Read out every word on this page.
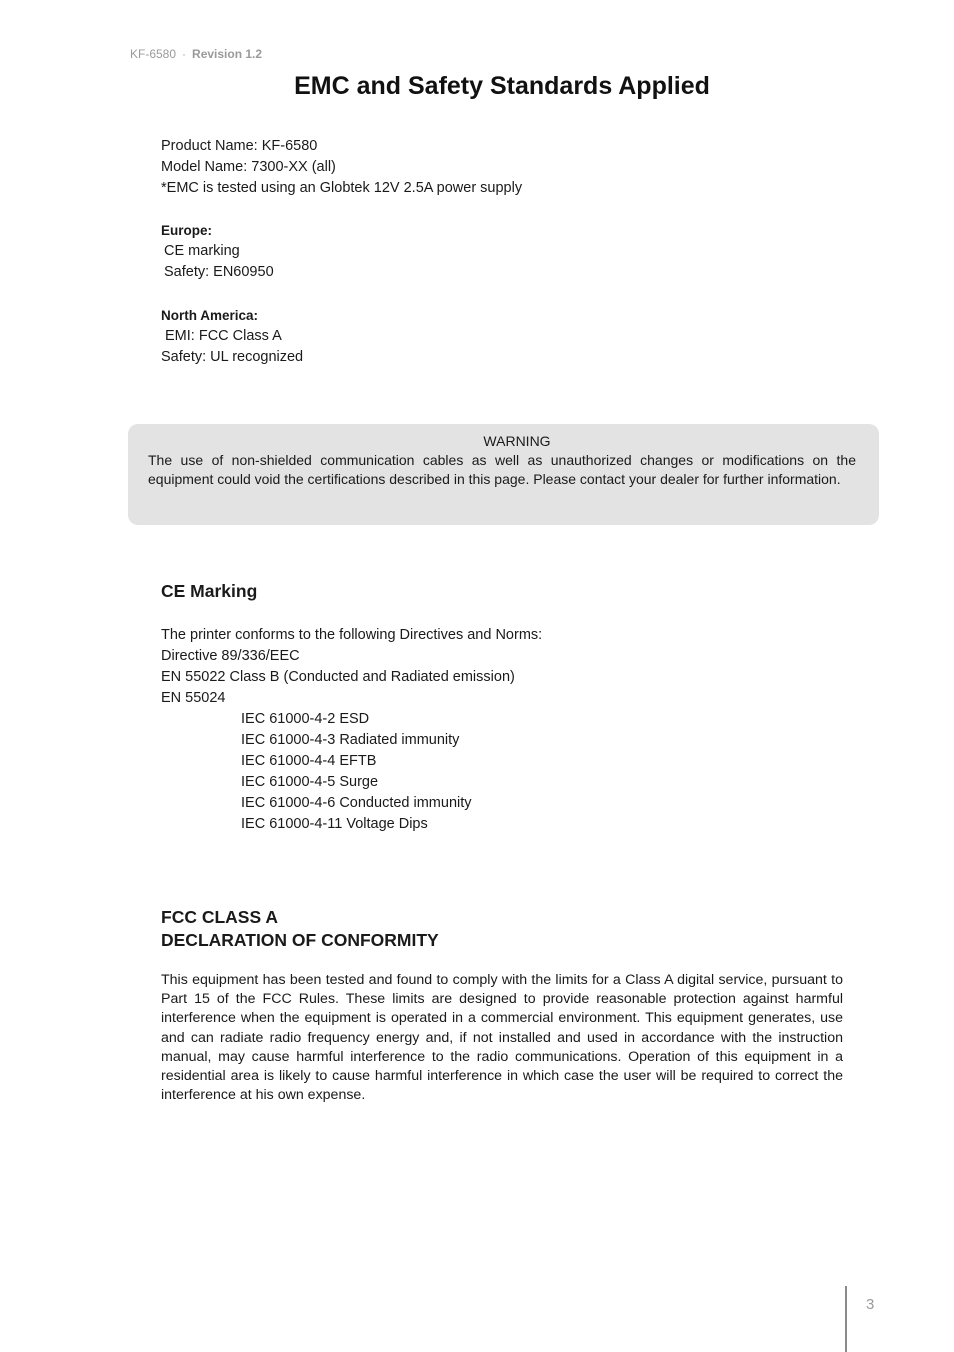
KF-6580 · Revision 1.2
EMC and Safety Standards Applied
Product Name: KF-6580
Model Name: 7300-XX (all)
*EMC is tested using an Globtek 12V 2.5A power supply
Europe:
CE marking
Safety: EN60950
North America:
EMI: FCC Class A
Safety: UL recognized
WARNING
The use of non-shielded communication cables as well as unauthorized changes or modifications on the equipment could void the certifications described in this page. Please contact your dealer for further information.
CE Marking
The printer conforms to the following Directives and Norms:
Directive 89/336/EEC
EN 55022 Class B (Conducted and Radiated emission)
EN 55024
IEC 61000-4-2 ESD
IEC 61000-4-3 Radiated immunity
IEC 61000-4-4 EFTB
IEC 61000-4-5 Surge
IEC 61000-4-6 Conducted immunity
IEC 61000-4-11 Voltage Dips
FCC CLASS A
DECLARATION OF CONFORMITY
This equipment has been tested and found to comply with the limits for a Class A digital service, pursuant to Part 15 of the FCC Rules. These limits are designed to provide reasonable protection against harmful interference when the equipment is operated in a commercial environment. This equipment generates, use and can radiate radio frequency energy and, if not installed and used in accordance with the instruction manual, may cause harmful interference to the radio communications. Operation of this equipment in a residential area is likely to cause harmful interference in which case the user will be required to correct the interference at his own expense.
3
